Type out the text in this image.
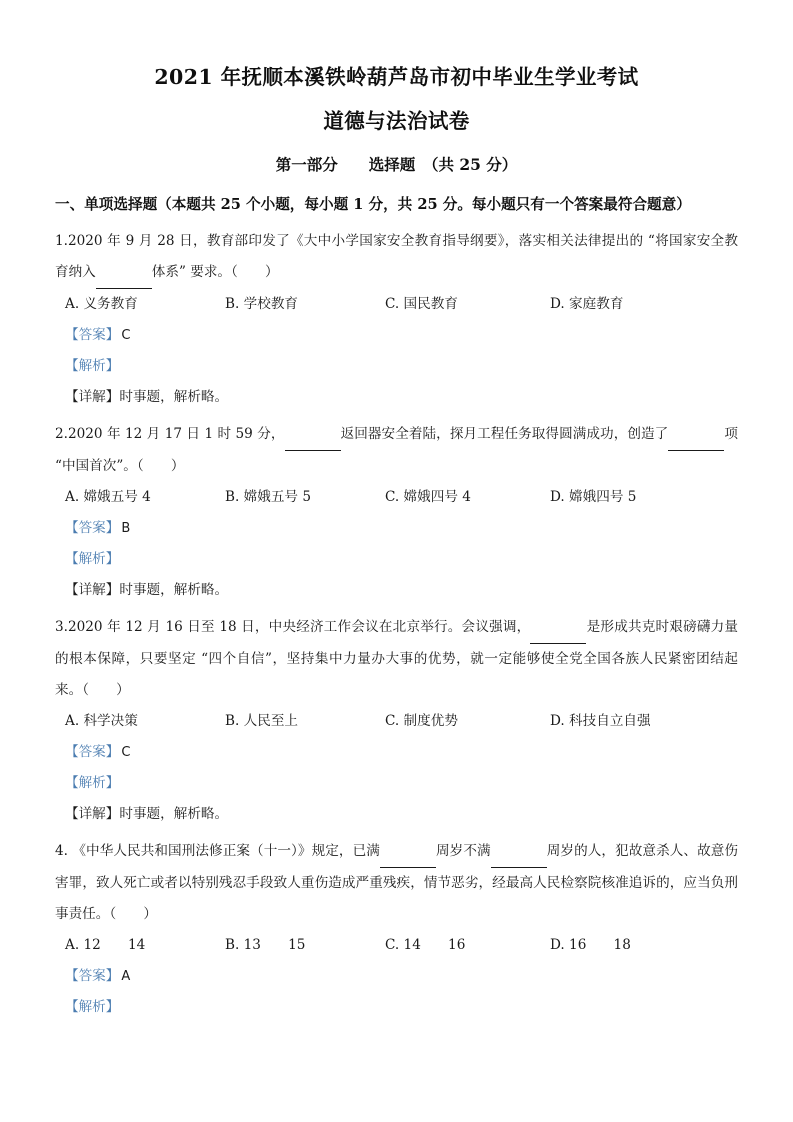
2021 年抚顺本溪铁岭葫芦岛市初中毕业生学业考试
道德与法治试卷
第一部分　　选择题　（共 25 分）
一、单项选择题（本题共 25 个小题，每小题 1 分，共 25 分。每小题只有一个答案最符合题意）
1.2020 年 9 月 28 日，教育部印发了《大中小学国家安全教育指导纲要》，落实相关法律提出的 “将国家安全教育纳入	体系” 要求。（　　）
A. 义务教育	B. 学校教育	C. 国民教育	D. 家庭教育
【答案】 C
【解析】
【详解】时事题，解析略。
2.2020 年 12 月 17 日 1 时 59 分，	返回器安全着陆，探月工程任务取得圆满成功，创造了	项 “中国首次”。（　　）
A. 嫦娥五号 4	B. 嫦娥五号 5	C. 嫦娥四号 4	D. 嫦娥四号 5
【答案】 B
【解析】
【详解】时事题，解析略。
3.2020 年 12 月 16 日至 18 日，中央经济工作会议在北京举行。会议强调，	是形成共克时艰磅礴力量的根本保障，只要坚定 “四个自信”，坚持集中力量办大事的优势，就一定能够使全党全国各族人民紧密团结起来。（　　）
A. 科学决策	B. 人民至上	C. 制度优势	D. 科技自立自强
【答案】 C
【解析】
【详解】时事题，解析略。
4. 《中华人民共和国刑法修正案（十一）》规定，已满	周岁不满	周岁的人，犯故意杀人、故意伤害罪，致人死亡或者以特别残忍手段致人重伤造成严重残疾，情节恶劣，经最高人民检察院核准追诉的，应当负刑事责任。（　　）
A. 12　　14	B. 13　　15	C. 14　　16	D. 16　　18
【答案】 A
【解析】
